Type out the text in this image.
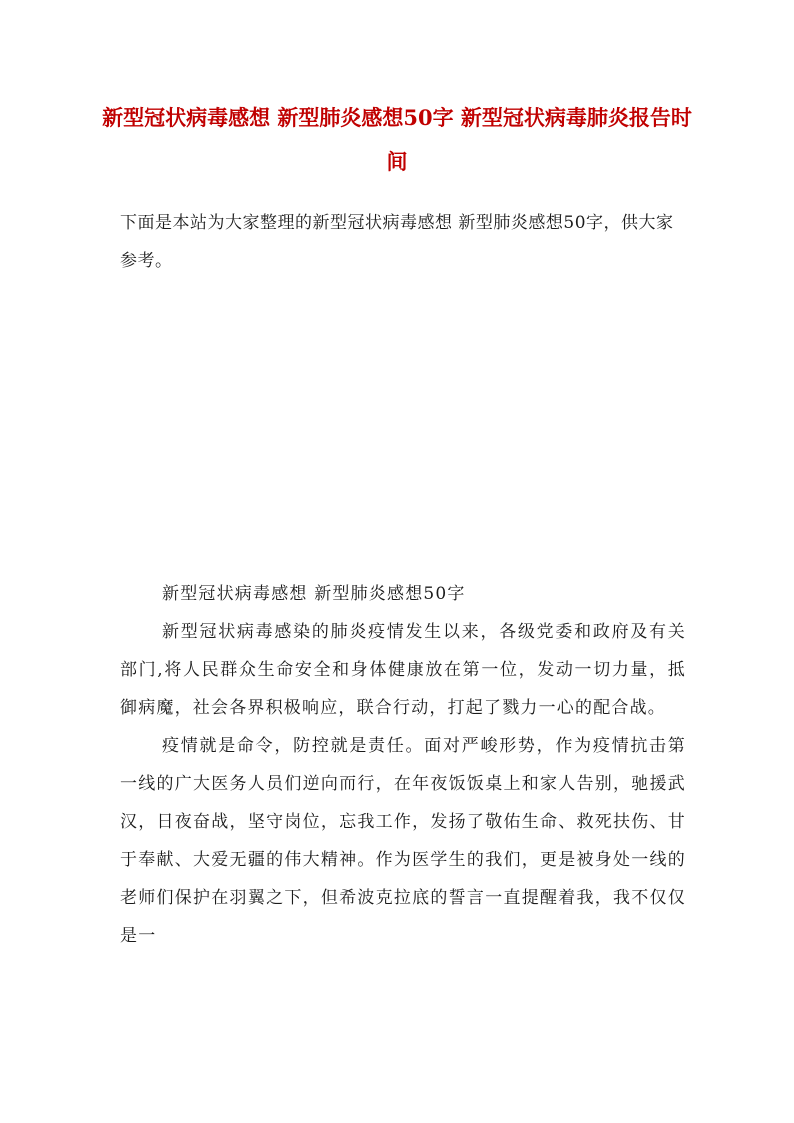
新型冠状病毒感想 新型肺炎感想50字 新型冠状病毒肺炎报告时间

下面是本站为大家整理的新型冠状病毒感想 新型肺炎感想50字，供大家参考。

新型冠状病毒感想 新型肺炎感想50字

新型冠状病毒感染的肺炎疫情发生以来，各级党委和政府及有关部门,将人民群众生命安全和身体健康放在第一位，发动一切力量，抵御病魔，社会各界积极响应，联合行动，打起了戮力一心的配合战。

疫情就是命令，防控就是责任。面对严峻形势，作为疫情抗击第一线的广大医务人员们逆向而行，在年夜饭饭桌上和家人告别，驰援武汉，日夜奋战，坚守岗位，忘我工作，发扬了敬佑生命、救死扶伤、甘于奉献、大爱无疆的伟大精神。作为医学生的我们，更是被身处一线的老师们保护在羽翼之下，但希波克拉底的誓言一直提醒着我，我不仅仅是一
